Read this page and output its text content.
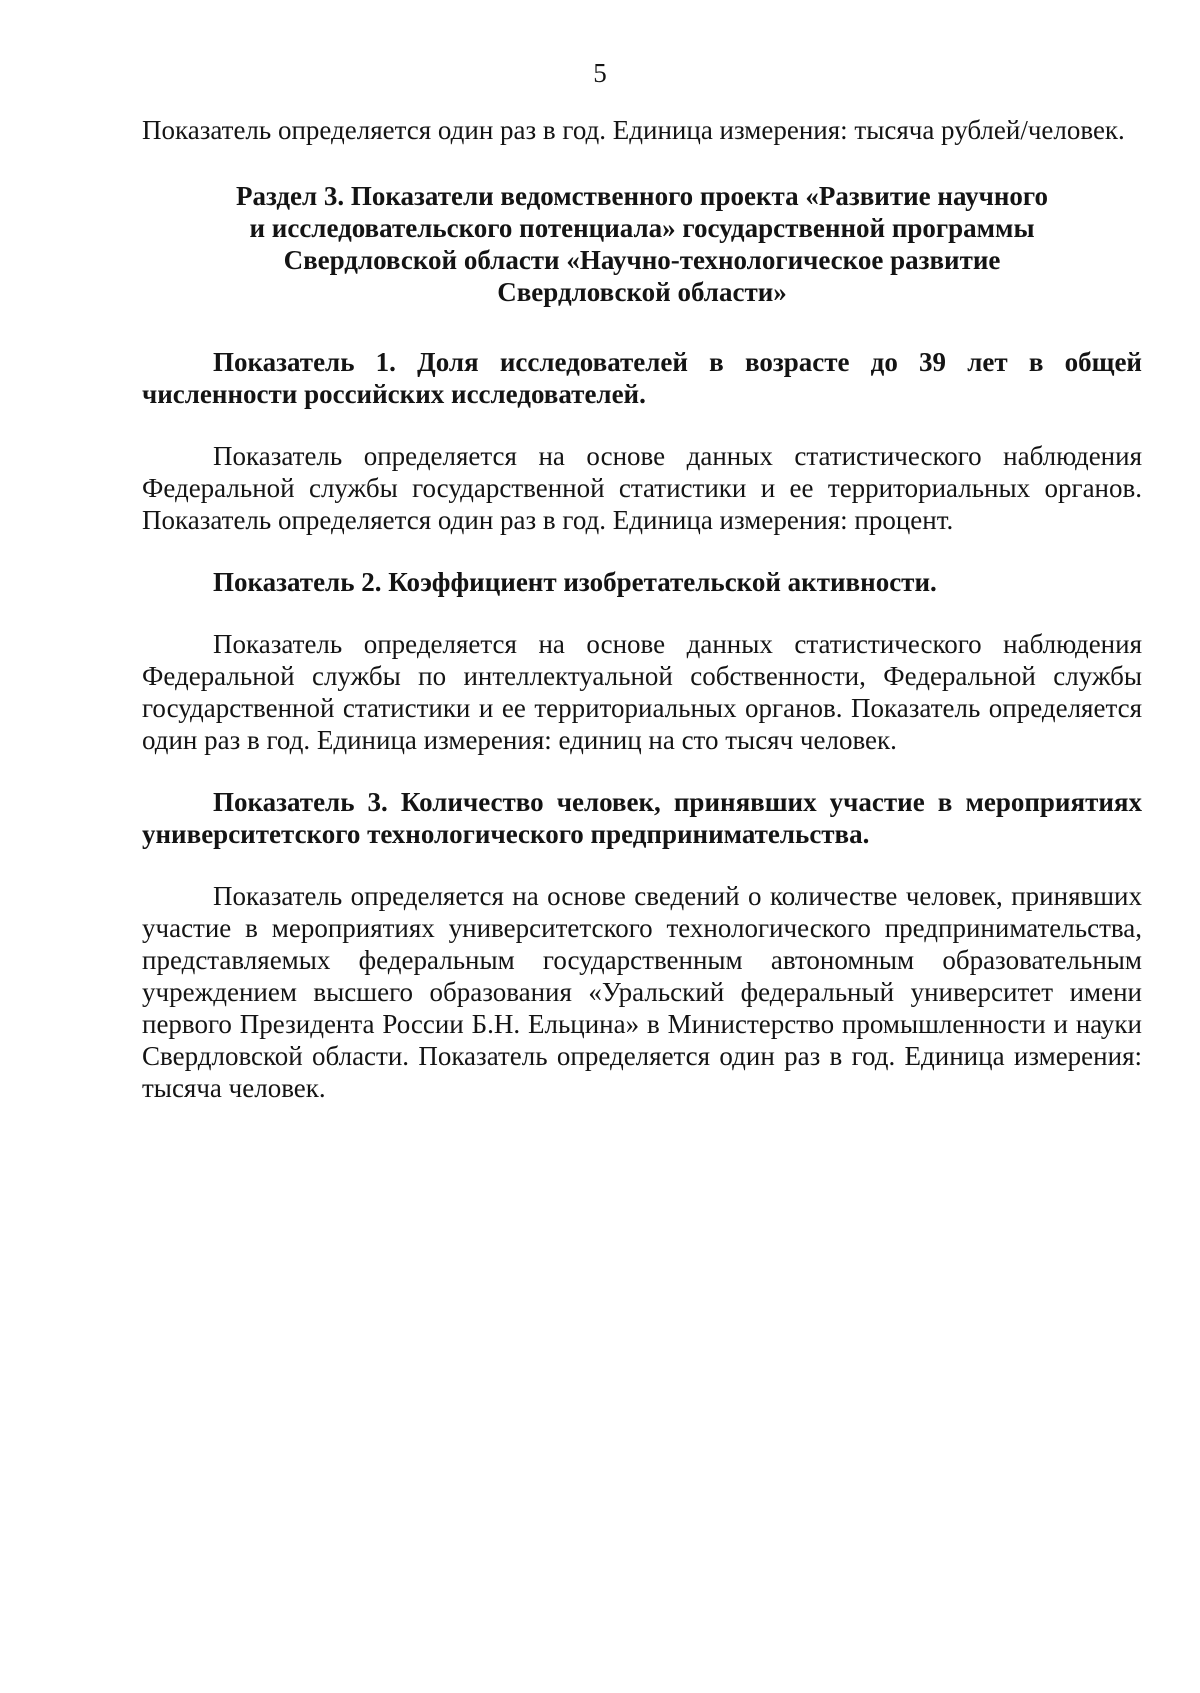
5

Показатель определяется один раз в год. Единица измерения: тысяча рублей/человек.

Раздел 3. Показатели ведомственного проекта «Развитие научного
и исследовательского потенциала» государственной программы
Свердловской области «Научно-технологическое развитие
Свердловской области»

Показатель 1. Доля исследователей в возрасте до 39 лет в общей численности российских исследователей.

Показатель определяется на основе данных статистического наблюдения Федеральной службы государственной статистики и ее территориальных органов. Показатель определяется один раз в год. Единица измерения: процент.

Показатель 2. Коэффициент изобретательской активности.

Показатель определяется на основе данных статистического наблюдения Федеральной службы по интеллектуальной собственности, Федеральной службы государственной статистики и ее территориальных органов. Показатель определяется один раз в год. Единица измерения: единиц на сто тысяч человек.

Показатель 3. Количество человек, принявших участие в мероприятиях университетского технологического предпринимательства.

Показатель определяется на основе сведений о количестве человек, принявших участие в мероприятиях университетского технологического предпринимательства, представляемых федеральным государственным автономным образовательным учреждением высшего образования «Уральский федеральный университет имени первого Президента России Б.Н. Ельцина» в Министерство промышленности и науки Свердловской области. Показатель определяется один раз в год. Единица измерения: тысяча человек.
